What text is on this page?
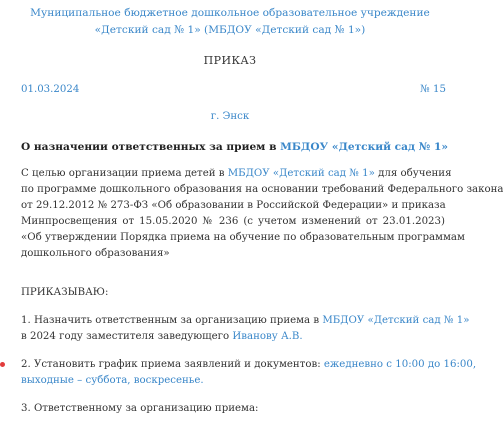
Муниципальное бюджетное дошкольное образовательное учреждение
«Детский сад № 1» (МБДОУ «Детский сад № 1»)
ПРИКАЗ
01.03.2024	№ 15
г. Энск
О назначении ответственных за прием в МБДОУ «Детский сад № 1»
С целью организации приема детей в МБДОУ «Детский сад № 1» для обучения
по программе дошкольного образования на основании требований Федерального закона
от 29.12.2012 № 273-ФЗ «Об образовании в Российской Федерации» и приказа
Минпросвещения от 15.05.2020 № 236 (с учетом изменений от 23.01.2023)
«Об утверждении Порядка приема на обучение по образовательным программам
дошкольного образования»
ПРИКАЗЫВАЮ:
1. Назначить ответственным за организацию приема в МБДОУ «Детский сад № 1»
в 2024 году заместителя заведующего Иванову А.В.
2. Установить график приема заявлений и документов: ежедневно с 10:00 до 16:00,
выходные – суббота, воскресенье.
3. Ответственному за организацию приема:
